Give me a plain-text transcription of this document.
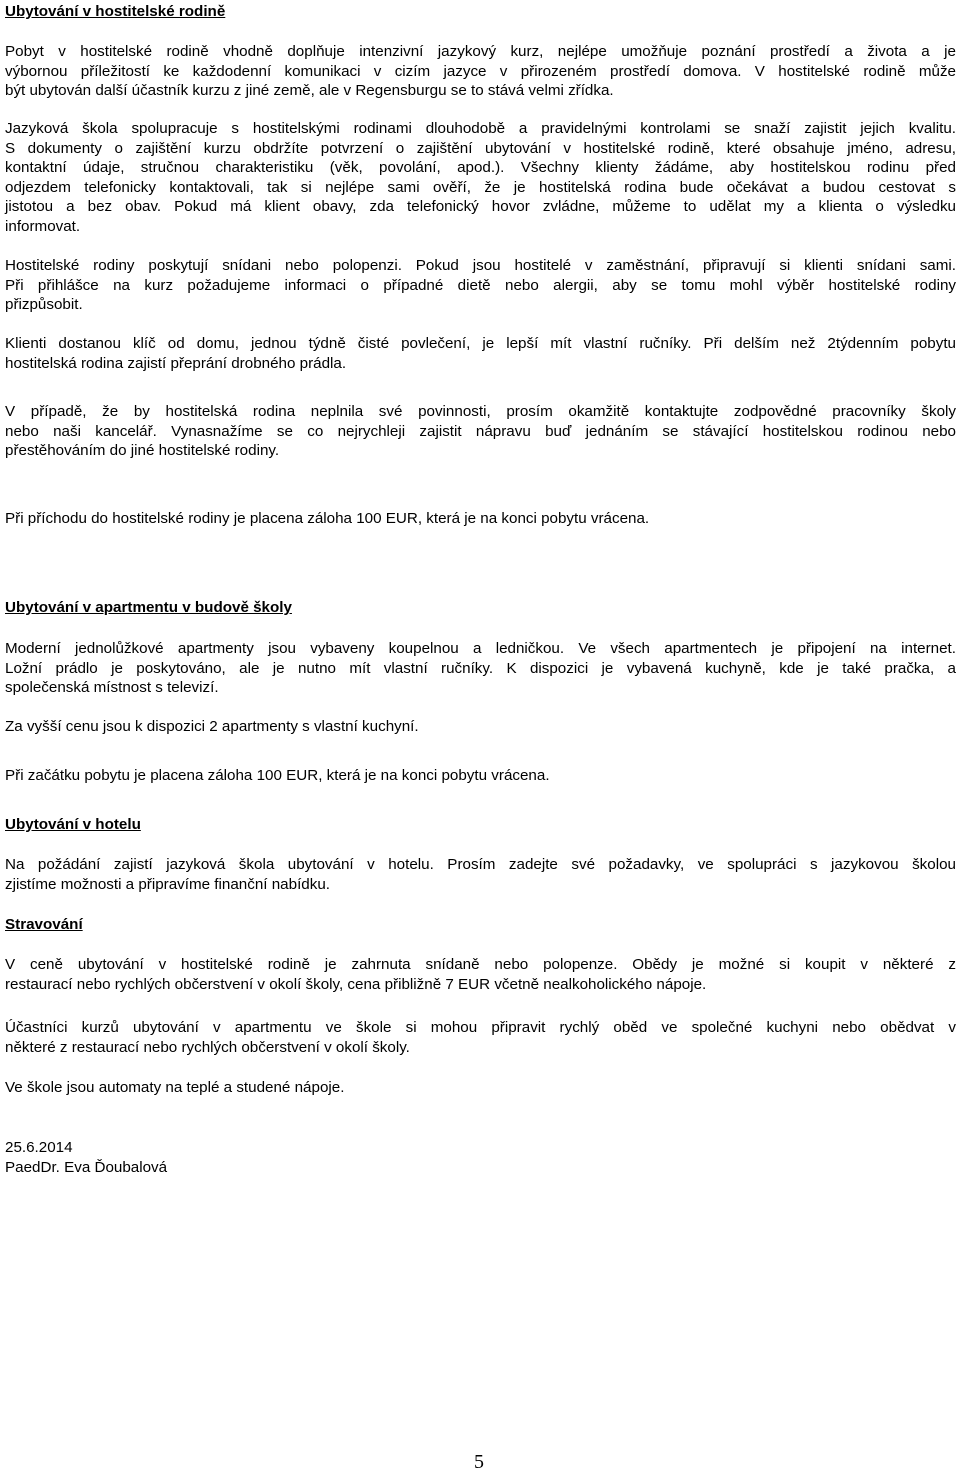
Ubytování v hostitelské rodině
Pobyt v hostitelské rodině vhodně doplňuje intenzivní jazykový kurz, nejlépe umožňuje poznání prostředí a života a je
výbornou příležitostí ke každodenní komunikaci v cizím jazyce v přirozeném prostředí domova. V hostitelské rodině může
být ubytován další účastník kurzu z jiné země, ale v Regensburgu se to stává velmi zřídka.
Jazyková škola spolupracuje s hostitelskými rodinami dlouhodobě a pravidelnými kontrolami se snaží zajistit jejich kvalitu.
S dokumenty o zajištění kurzu obdržíte potvrzení o zajištění ubytování v hostitelské rodině, které obsahuje jméno, adresu,
kontaktní údaje, stručnou charakteristiku (věk, povolání, apod.). Všechny klienty žádáme, aby hostitelskou rodinu před
odjezdem telefonicky kontaktovali, tak si nejlépe sami ověří, že je hostitelská rodina bude očekávat a budou cestovat s
jistotou a bez obav. Pokud má klient obavy, zda telefonický hovor zvládne, můžeme to udělat my a klienta o výsledku
informovat.
Hostitelské rodiny poskytují snídani nebo polopenzi. Pokud jsou hostitelé v zaměstnání, připravují si klienti snídani sami.
Při přihlášce na kurz požadujeme informaci o případné dietě nebo alergii, aby se tomu mohl výběr hostitelské rodiny
přizpůsobit.
Klienti dostanou klíč od domu, jednou týdně čisté povlečení, je lepší mít vlastní ručníky. Při delším než 2týdenním pobytu
hostitelská rodina zajistí přeprání drobného prádla.
V případě, že by hostitelská rodina neplnila své povinnosti, prosím okamžitě kontaktujte zodpovědné pracovníky školy
nebo naši kancelář. Vynasnažíme se co nejrychleji zajistit nápravu buď jednáním se stávající hostitelskou rodinou nebo
přestěhováním do jiné hostitelské rodiny.

Při příchodu do hostitelské rodiny je placena záloha 100 EUR, která je na konci pobytu vrácena.

Ubytování v apartmentu v budově školy
Moderní jednolůžkové apartmenty jsou vybaveny koupelnou a ledničkou. Ve všech apartmentech je připojení na internet.
Ložní prádlo je poskytováno, ale je nutno mít vlastní ručníky. K dispozici je vybavená kuchyně, kde je také pračka, a
společenská místnost s televizí.

Za vyšší cenu jsou k dispozici 2 apartmenty s vlastní kuchyní.

Při začátku pobytu je placena záloha 100 EUR, která je na konci pobytu vrácena.

Ubytování v hotelu
Na požádání zajistí jazyková škola ubytování v hotelu. Prosím zadejte své požadavky, ve spolupráci s jazykovou školou
zjistíme možnosti a připravíme finanční nabídku.
Stravování
V ceně ubytování v hostitelské rodině je zahrnuta snídaně nebo polopenze. Obědy je možné si koupit v některé z
restaurací nebo rychlých občerstvení v okolí školy, cena přibližně 7 EUR včetně nealkoholického nápoje.
Účastníci kurzů ubytování v apartmentu ve škole si mohou připravit rychlý oběd ve společné kuchyni nebo obědvat v
některé z restaurací nebo rychlých občerstvení v okolí školy.

Ve škole jsou automaty na teplé a studené nápoje.

25.6.2014

PaedDr. Eva Ďoubalová

5
